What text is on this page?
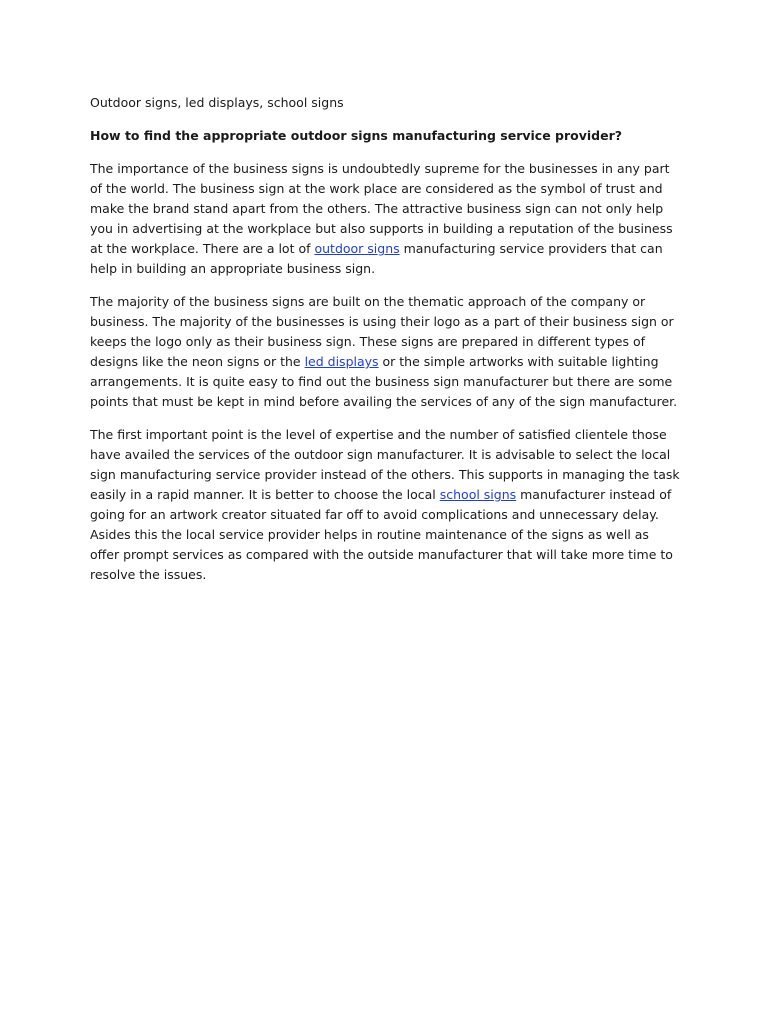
Outdoor signs, led displays, school signs

How to find the appropriate outdoor signs manufacturing service provider?

The importance of the business signs is undoubtedly supreme for the businesses in any part of the world. The business sign at the work place are considered as the symbol of trust and make the brand stand apart from the others. The attractive business sign can not only help you in advertising at the workplace but also supports in building a reputation of the business at the workplace. There are a lot of outdoor signs manufacturing service providers that can help in building an appropriate business sign.

The majority of the business signs are built on the thematic approach of the company or business. The majority of the businesses is using their logo as a part of their business sign or keeps the logo only as their business sign. These signs are prepared in different types of designs like the neon signs or the led displays or the simple artworks with suitable lighting arrangements. It is quite easy to find out the business sign manufacturer but there are some points that must be kept in mind before availing the services of any of the sign manufacturer.

The first important point is the level of expertise and the number of satisfied clientele those have availed the services of the outdoor sign manufacturer. It is advisable to select the local sign manufacturing service provider instead of the others. This supports in managing the task easily in a rapid manner. It is better to choose the local school signs manufacturer instead of going for an artwork creator situated far off to avoid complications and unnecessary delay. Asides this the local service provider helps in routine maintenance of the signs as well as offer prompt services as compared with the outside manufacturer that will take more time to resolve the issues.
